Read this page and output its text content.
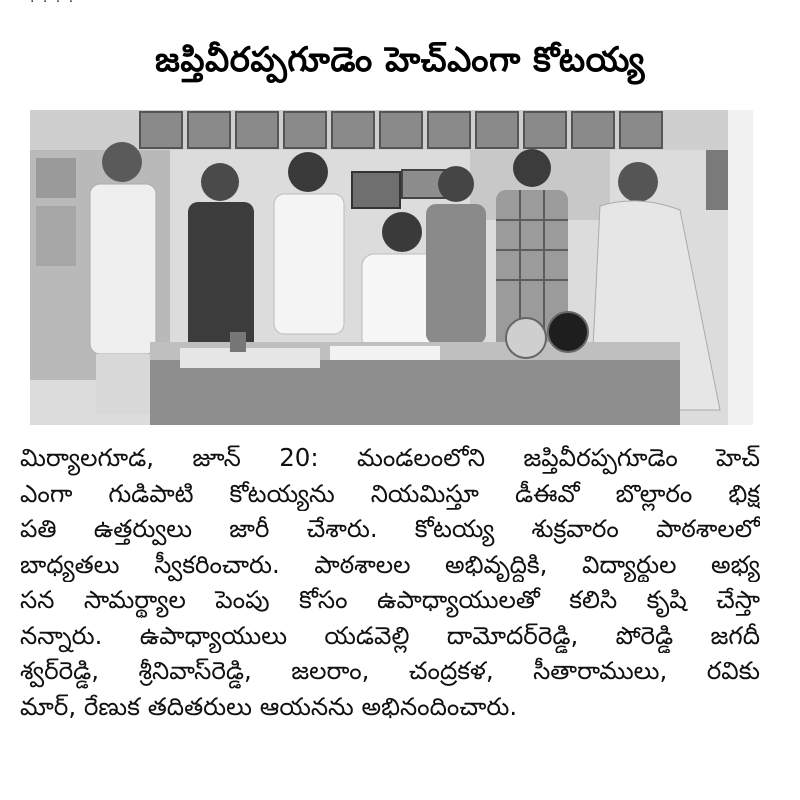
· · · ·
జప్తివీరప్పగూడెం హెచ్‌ఎంగా కోటయ్య
మిర్యాలగూడ, జూన్ 20: మండలంలోని జప్తివీరప్పగూడెం హెచ్
ఎంగా గుడిపాటి కోటయ్యను నియమిస్తూ డీఈవో బొల్లారం భిక్ష
పతి ఉత్తర్వులు జారీ చేశారు. కోటయ్య శుక్రవారం పాఠశాలలో
బాధ్యతలు స్వీకరించారు. పాఠశాలల అభివృద్ధికి, విద్యార్థుల అభ్య
సన సామర్థ్యాల పెంపు కోసం ఉపాధ్యాయులతో కలిసి కృషి చేస్తా
నన్నారు. ఉపాధ్యాయులు యడవెల్లి దామోదర్‌రెడ్డి, పోరెడ్డి జగదీ
శ్వర్‌రెడ్డి, శ్రీనివాస్‌రెడ్డి, జలరాం, చంద్రకళ, సీతారాములు, రవికు
మార్, రేణుక తదితరులు ఆయనను అభినందించారు.
